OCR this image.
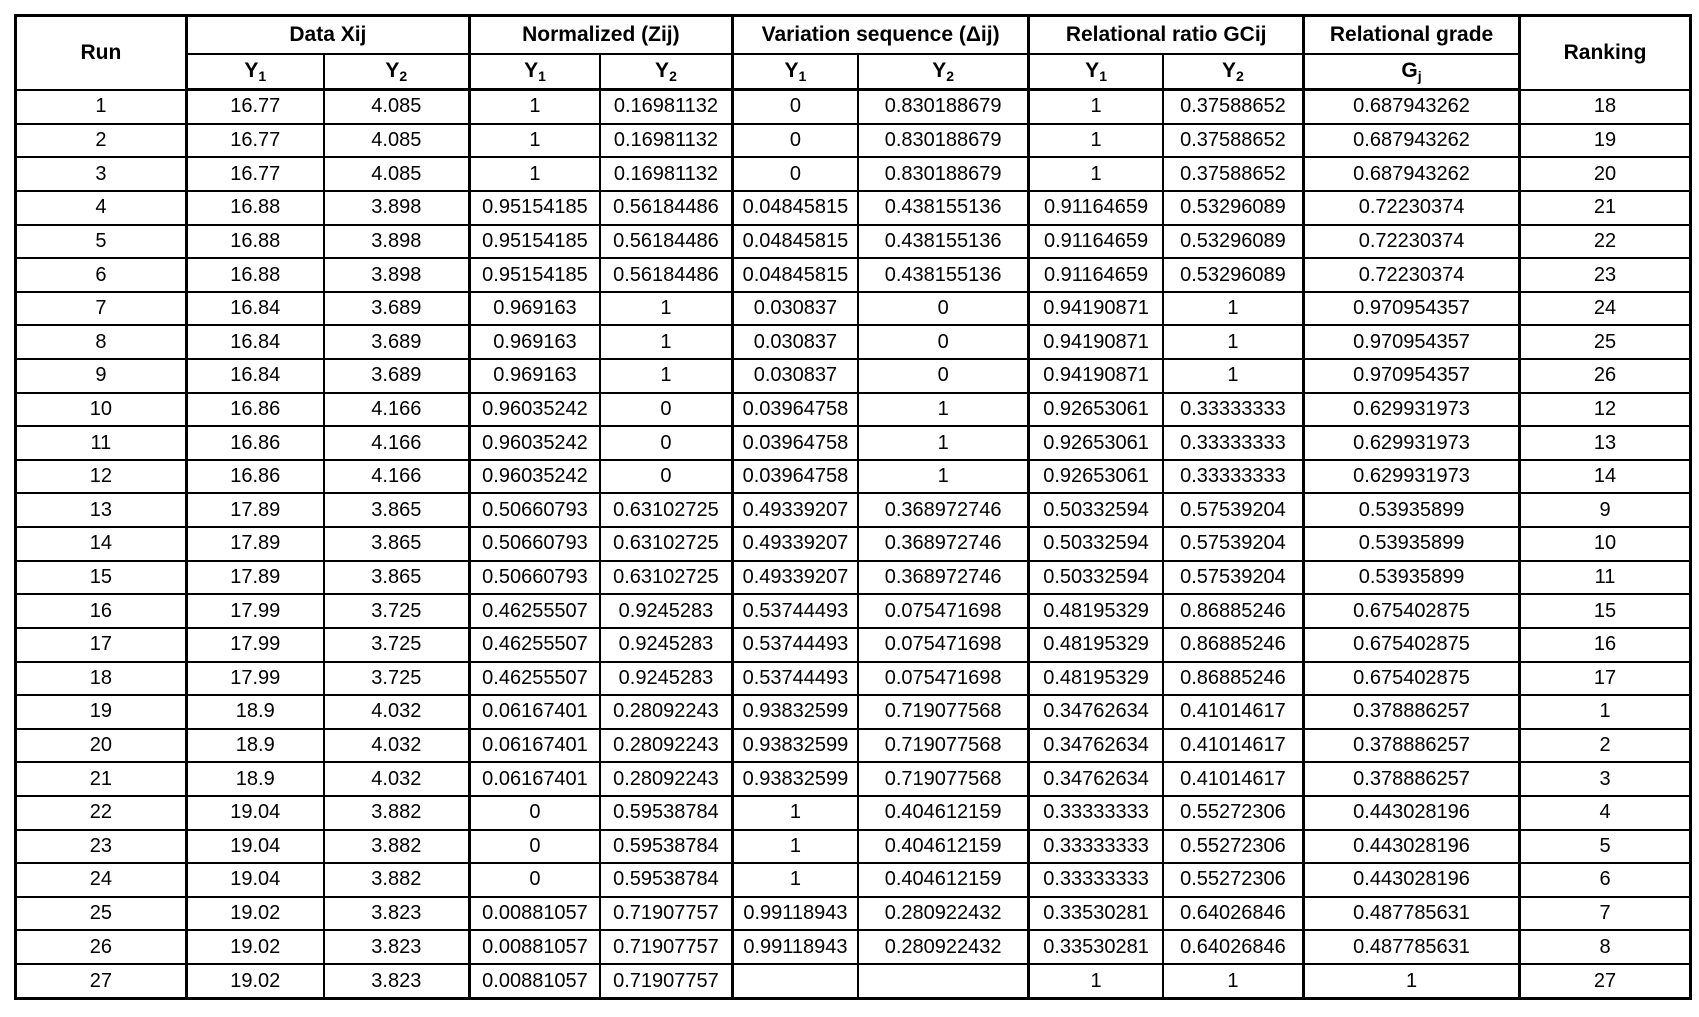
Run	Data Xij		Normalized (Zij)		Variation sequence (Δij)		Relational ratio GCij		Relational grade	Ranking
	$Y_1$	$Y_2$	$Y_1$	$Y_2$	$Y_1$	$Y_2$	$Y_1$	$Y_2$	$G_j$
1	16.77	4.085	1	0.16981132	0	0.830188679	1	0.37588652	0.687943262	18
2	16.77	4.085	1	0.16981132	0	0.830188679	1	0.37588652	0.687943262	19
3	16.77	4.085	1	0.16981132	0	0.830188679	1	0.37588652	0.687943262	20
4	16.88	3.898	0.95154185	0.56184486	0.04845815	0.438155136	0.91164659	0.53296089	0.72230374	21
5	16.88	3.898	0.95154185	0.56184486	0.04845815	0.438155136	0.91164659	0.53296089	0.72230374	22
6	16.88	3.898	0.95154185	0.56184486	0.04845815	0.438155136	0.91164659	0.53296089	0.72230374	23
7	16.84	3.689	0.969163	1	0.030837	0	0.94190871	1	0.970954357	24
8	16.84	3.689	0.969163	1	0.030837	0	0.94190871	1	0.970954357	25
9	16.84	3.689	0.969163	1	0.030837	0	0.94190871	1	0.970954357	26
10	16.86	4.166	0.96035242	0	0.03964758	1	0.92653061	0.33333333	0.629931973	12
11	16.86	4.166	0.96035242	0	0.03964758	1	0.92653061	0.33333333	0.629931973	13
12	16.86	4.166	0.96035242	0	0.03964758	1	0.92653061	0.33333333	0.629931973	14
13	17.89	3.865	0.50660793	0.63102725	0.49339207	0.368972746	0.50332594	0.57539204	0.53935899	9
14	17.89	3.865	0.50660793	0.63102725	0.49339207	0.368972746	0.50332594	0.57539204	0.53935899	10
15	17.89	3.865	0.50660793	0.63102725	0.49339207	0.368972746	0.50332594	0.57539204	0.53935899	11
16	17.99	3.725	0.46255507	0.9245283	0.53744493	0.075471698	0.48195329	0.86885246	0.675402875	15
17	17.99	3.725	0.46255507	0.9245283	0.53744493	0.075471698	0.48195329	0.86885246	0.675402875	16
18	17.99	3.725	0.46255507	0.9245283	0.53744493	0.075471698	0.48195329	0.86885246	0.675402875	17
19	18.9	4.032	0.06167401	0.28092243	0.93832599	0.719077568	0.34762634	0.41014617	0.378886257	1
20	18.9	4.032	0.06167401	0.28092243	0.93832599	0.719077568	0.34762634	0.41014617	0.378886257	2
21	18.9	4.032	0.06167401	0.28092243	0.93832599	0.719077568	0.34762634	0.41014617	0.378886257	3
22	19.04	3.882	0	0.59538784	1	0.404612159	0.33333333	0.55272306	0.443028196	4
23	19.04	3.882	0	0.59538784	1	0.404612159	0.33333333	0.55272306	0.443028196	5
24	19.04	3.882	0	0.59538784	1	0.404612159	0.33333333	0.55272306	0.443028196	6
25	19.02	3.823	0.00881057	0.71907757	0.99118943	0.280922432	0.33530281	0.64026846	0.487785631	7
26	19.02	3.823	0.00881057	0.71907757	0.99118943	0.280922432	0.33530281	0.64026846	0.487785631	8
27	19.02	3.823	0.00881057	0.71907757			1	1	1	27
